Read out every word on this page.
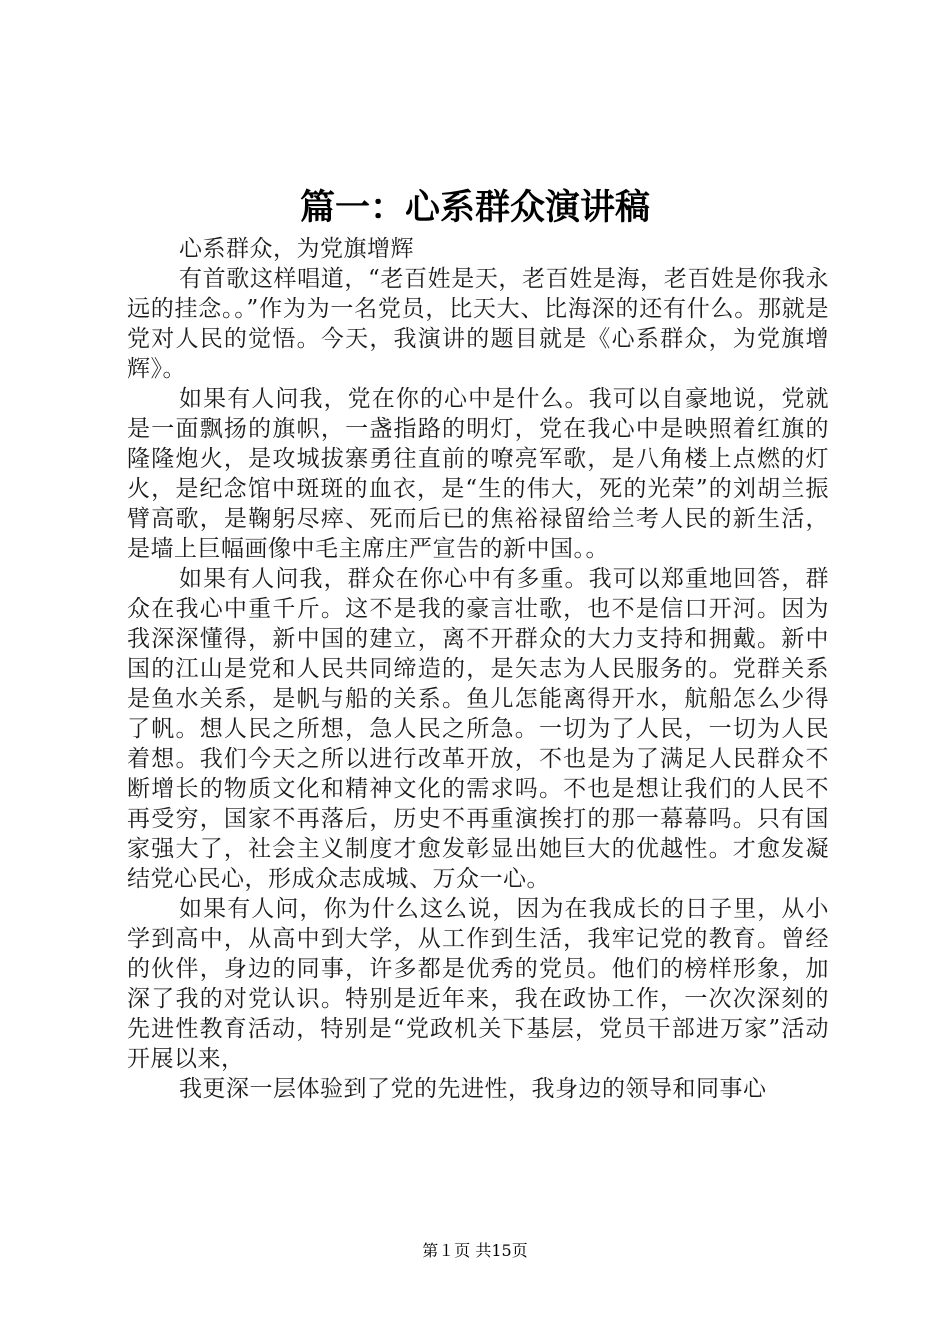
篇一：心系群众演讲稿

心系群众，为党旗增辉

有首歌这样唱道，“老百姓是天，老百姓是海，老百姓是你我永远的挂念。。”作为为一名党员，比天大、比海深的还有什么。那就是党对人民的觉悟。今天，我演讲的题目就是《心系群众，为党旗增辉》。

如果有人问我，党在你的心中是什么。我可以自豪地说，党就是一面飘扬的旗帜，一盏指路的明灯，党在我心中是映照着红旗的隆隆炮火，是攻城拔寨勇往直前的嘹亮军歌，是八角楼上点燃的灯火，是纪念馆中斑斑的血衣，是“生的伟大，死的光荣”的刘胡兰振臂高歌，是鞠躬尽瘁、死而后已的焦裕禄留给兰考人民的新生活，是墙上巨幅画像中毛主席庄严宣告的新中国。。

如果有人问我，群众在你心中有多重。我可以郑重地回答，群众在我心中重千斤。这不是我的豪言壮歌，也不是信口开河。因为我深深懂得，新中国的建立，离不开群众的大力支持和拥戴。新中国的江山是党和人民共同缔造的，是矢志为人民服务的。党群关系是鱼水关系，是帆与船的关系。鱼儿怎能离得开水，航船怎么少得了帆。想人民之所想，急人民之所急。一切为了人民，一切为人民着想。我们今天之所以进行改革开放，不也是为了满足人民群众不断增长的物质文化和精神文化的需求吗。不也是想让我们的人民不再受穷，国家不再落后，历史不再重演挨打的那一幕幕吗。只有国家强大了，社会主义制度才愈发彰显出她巨大的优越性。才愈发凝结党心民心，形成众志成城、万众一心。

如果有人问，你为什么这么说，因为在我成长的日子里，从小学到高中，从高中到大学，从工作到生活，我牢记党的教育。曾经的伙伴，身边的同事，许多都是优秀的党员。他们的榜样形象，加深了我的对党认识。特别是近年来，我在政协工作，一次次深刻的先进性教育活动，特别是“党政机关下基层，党员干部进万家”活动开展以来，

我更深一层体验到了党的先进性，我身边的领导和同事心

第１页 共15页
